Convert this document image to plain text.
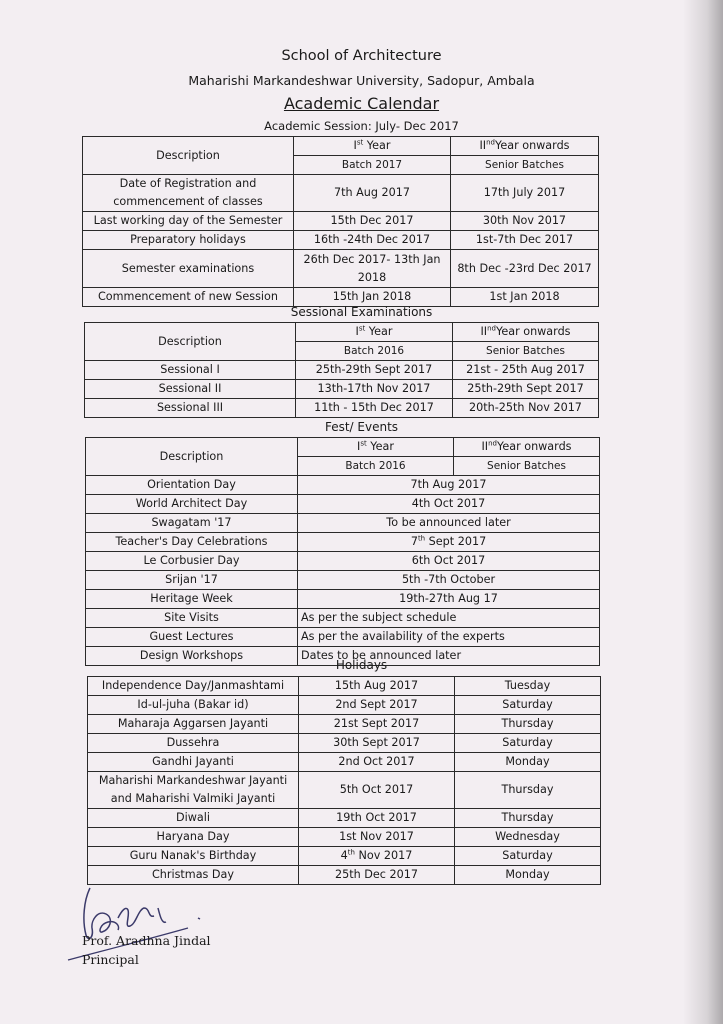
School of Architecture
Maharishi Markandeshwar University, Sadopur, Ambala
Academic Calendar
Academic Session: July- Dec 2017
Description	Ist Year	IIndYear onwards
	Batch 2017	Senior Batches
Date of Registration and commencement of classes	7th Aug 2017	17th July 2017
Last working day of the Semester	15th Dec 2017	30th Nov 2017
Preparatory holidays	16th -24th Dec 2017	1st-7th Dec 2017
Semester examinations	26th Dec 2017- 13th Jan 2018	8th Dec -23rd Dec 2017
Commencement of new Session	15th Jan 2018	1st Jan 2018
Sessional Examinations
Description	Ist Year	IIndYear onwards
	Batch 2016	Senior Batches
Sessional I	25th-29th Sept 2017	21st - 25th Aug 2017
Sessional II	13th-17th Nov 2017	25th-29th Sept 2017
Sessional III	11th - 15th Dec 2017	20th-25th Nov 2017
Fest/ Events
Description	Ist Year	IIndYear onwards
	Batch 2016	Senior Batches
Orientation Day	7th Aug 2017	
World Architect Day	4th Oct 2017	
Swagatam '17	To be announced later	
Teacher's Day Celebrations	7th Sept 2017	
Le Corbusier Day	6th Oct 2017	
Srijan '17	5th -7th October	
Heritage Week	19th-27th Aug 17	
Site Visits	As per the subject schedule	
Guest Lectures	As per the availability of the experts	
Design Workshops	Dates to be announced later	
Holidays
Independence Day/Janmashtami	15th Aug 2017	Tuesday
Id-ul-juha (Bakar id)	2nd Sept 2017	Saturday
Maharaja Aggarsen Jayanti	21st Sept 2017	Thursday
Dussehra	30th Sept 2017	Saturday
Gandhi Jayanti	2nd Oct 2017	Monday
Maharishi Markandeshwar Jayanti and Maharishi Valmiki Jayanti	5th Oct 2017	Thursday
Diwali	19th Oct 2017	Thursday
Haryana Day	1st Nov 2017	Wednesday
Guru Nanak's Birthday	4th Nov 2017	Saturday
Christmas Day	25th Dec 2017	Monday
Prof. Aradhna Jindal
Principal
